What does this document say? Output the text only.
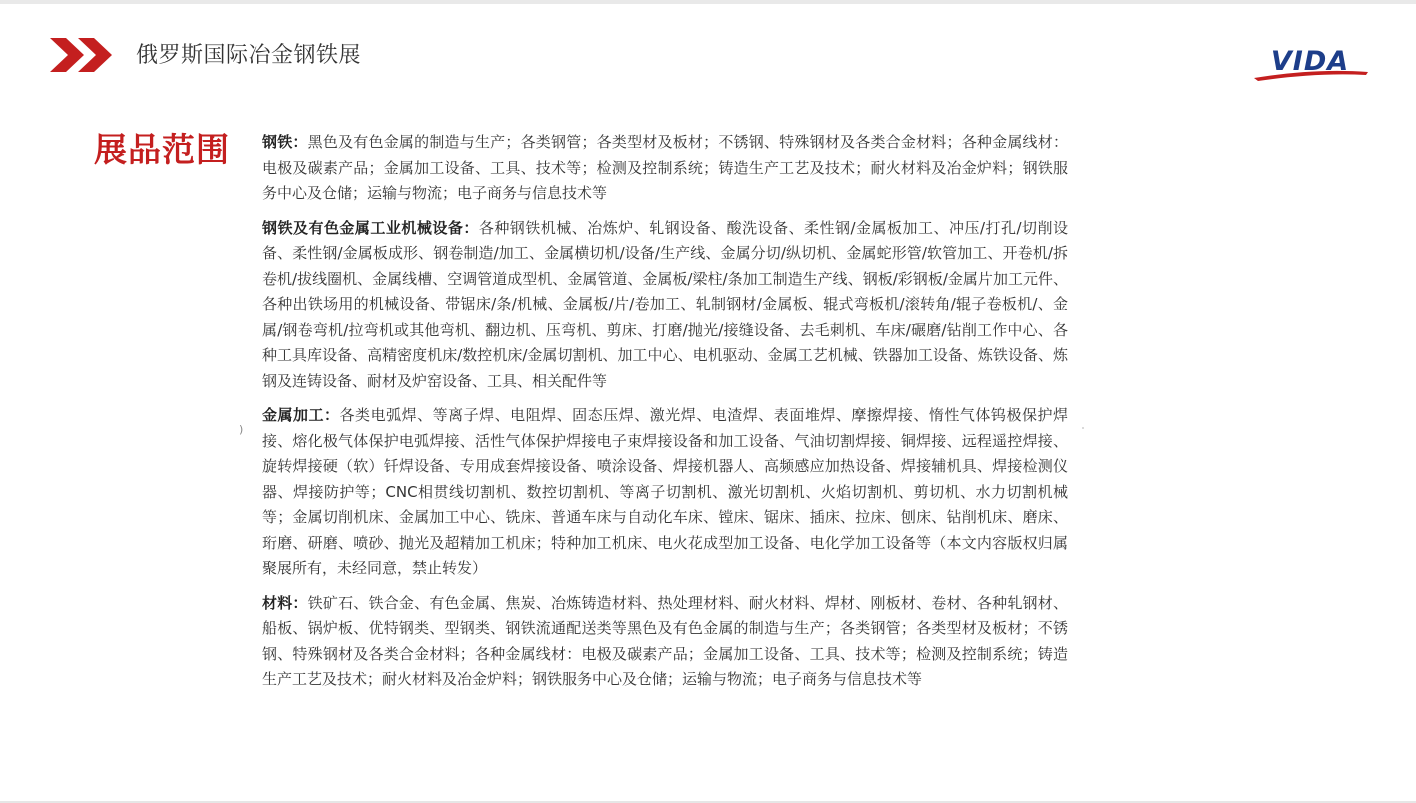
俄罗斯国际冶金钢铁展	VIDA
展品范围 钢铁：黑色及有色金属的制造与生产；各类钢管；各类型材及板材；不锈钢、特殊钢材及各类合金材料；各种金属线材：电极及碳素产品；金属加工设备、工具、技术等；检测及控制系统；铸造生产工艺及技术；耐火材料及冶金炉料；钢铁服务中心及仓储；运输与物流；电子商务与信息技术等

钢铁及有色金属工业机械设备：各种钢铁机械、冶炼炉、轧钢设备、酸洗设备、柔性钢/金属板加工、冲压/打孔/切削设备、柔性钢/金属板成形、钢卷制造/加工、金属横切机/设备/生产线、金属分切/纵切机、金属蛇形管/软管加工、开卷机/拆卷机/拔线圈机、金属线槽、空调管道成型机、金属管道、金属板/梁柱/条加工制造生产线、钢板/彩钢板/金属片加工元件、各种出铁场用的机械设备、带锯床/条/机械、金属板/片/卷加工、轧制钢材/金属板、辊式弯板机/滚转角/辊子卷板机/、金属/钢卷弯机/拉弯机或其他弯机、翻边机、压弯机、剪床、打磨/抛光/接缝设备、去毛刺机、车床/碾磨/钻削工作中心、各种工具库设备、高精密度机床/数控机床/金属切割机、加工中心、电机驱动、金属工艺机械、铁器加工设备、炼铁设备、炼钢及连铸设备、耐材及炉窑设备、工具、相关配件等

金属加工：各类电弧焊、等离子焊、电阻焊、固态压焊、激光焊、电渣焊、表面堆焊、摩擦焊接、惰性气体钨极保护焊接、熔化极气体保护电弧焊接、活性气体保护焊接电子束焊接设备和加工设备、气油切割焊接、铜焊接、远程遥控焊接、旋转焊接硬（软）钎焊设备、专用成套焊接设备、喷涂设备、焊接机器人、高频感应加热设备、焊接辅机具、焊接检测仪器、焊接防护等；CNC相贯线切割机、数控切割机、等离子切割机、激光切割机、火焰切割机、剪切机、水力切割机械等；金属切削机床、金属加工中心、铣床、普通车床与自动化车床、镗床、锯床、插床、拉床、刨床、钻削机床、磨床、珩磨、研磨、喷砂、抛光及超精加工机床；特种加工机床、电火花成型加工设备、电化学加工设备等（本文内容版权归属聚展所有，未经同意，禁止转发）

材料：铁矿石、铁合金、有色金属、焦炭、冶炼铸造材料、热处理材料、耐火材料、焊材、刚板材、卷材、各种轧钢材、船板、锅炉板、优特钢类、型钢类、钢铁流通配送类等黑色及有色金属的制造与生产；各类钢管；各类型材及板材；不锈钢、特殊钢材及各类合金材料；各种金属线材：电极及碳素产品；金属加工设备、工具、技术等；检测及控制系统；铸造生产工艺及技术；耐火材料及冶金炉料；钢铁服务中心及仓储；运输与物流；电子商务与信息技术等

)
